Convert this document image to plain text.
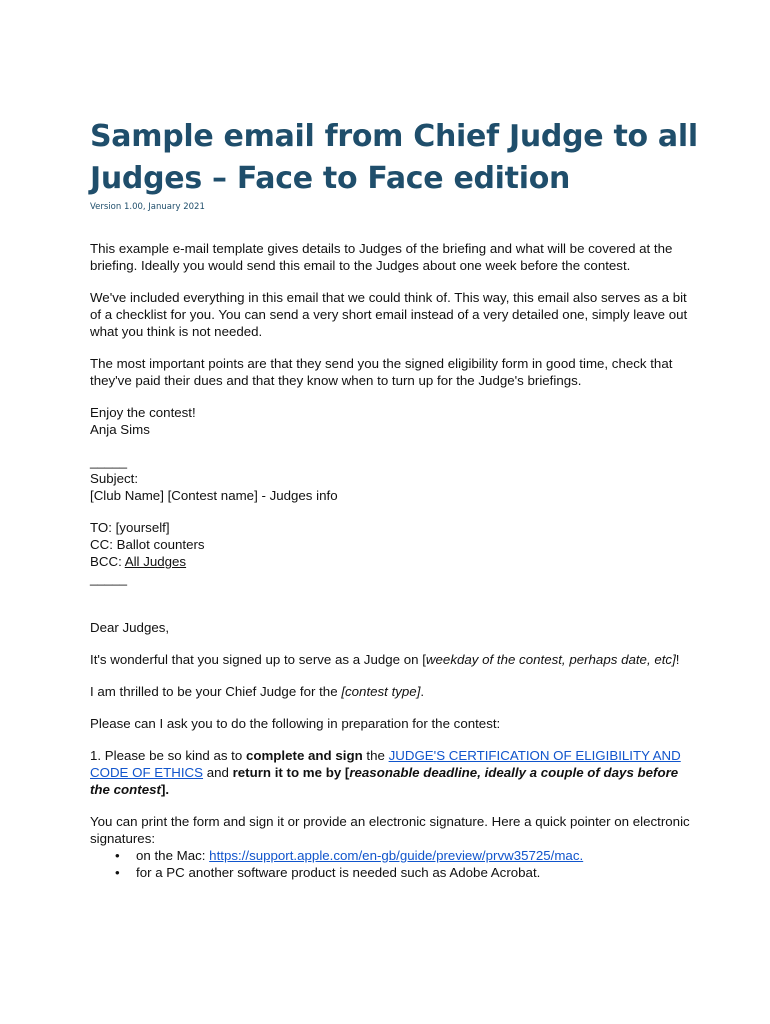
Sample email from Chief Judge to all
Judges – Face to Face edition
Version 1.00, January 2021

This example e-mail template gives details to Judges of the briefing and what will be covered at the briefing. Ideally you would send this email to the Judges about one week before the contest.

We've included everything in this email that we could think of. This way, this email also serves as a bit of a checklist for you. You can send a very short email instead of a very detailed one, simply leave out what you think is not needed.

The most important points are that they send you the signed eligibility form in good time, check that they've paid their dues and that they know when to turn up for the Judge's briefings.

Enjoy the contest!
Anja Sims

_____
Subject:
[Club Name] [Contest name] - Judges info

TO: [yourself]
CC: Ballot counters
BCC: All Judges
_____

Dear Judges,

It's wonderful that you signed up to serve as a Judge on [weekday of the contest, perhaps date, etc]!

I am thrilled to be your Chief Judge for the [contest type].

Please can I ask you to do the following in preparation for the contest:

1. Please be so kind as to complete and sign the JUDGE'S CERTIFICATION OF ELIGIBILITY AND CODE OF ETHICS and return it to me by [reasonable deadline, ideally a couple of days before the contest].

You can print the form and sign it or provide an electronic signature. Here a quick pointer on electronic signatures:

• on the Mac: https://support.apple.com/en-gb/guide/preview/prvw35725/mac.
• for a PC another software product is needed such as Adobe Acrobat.
